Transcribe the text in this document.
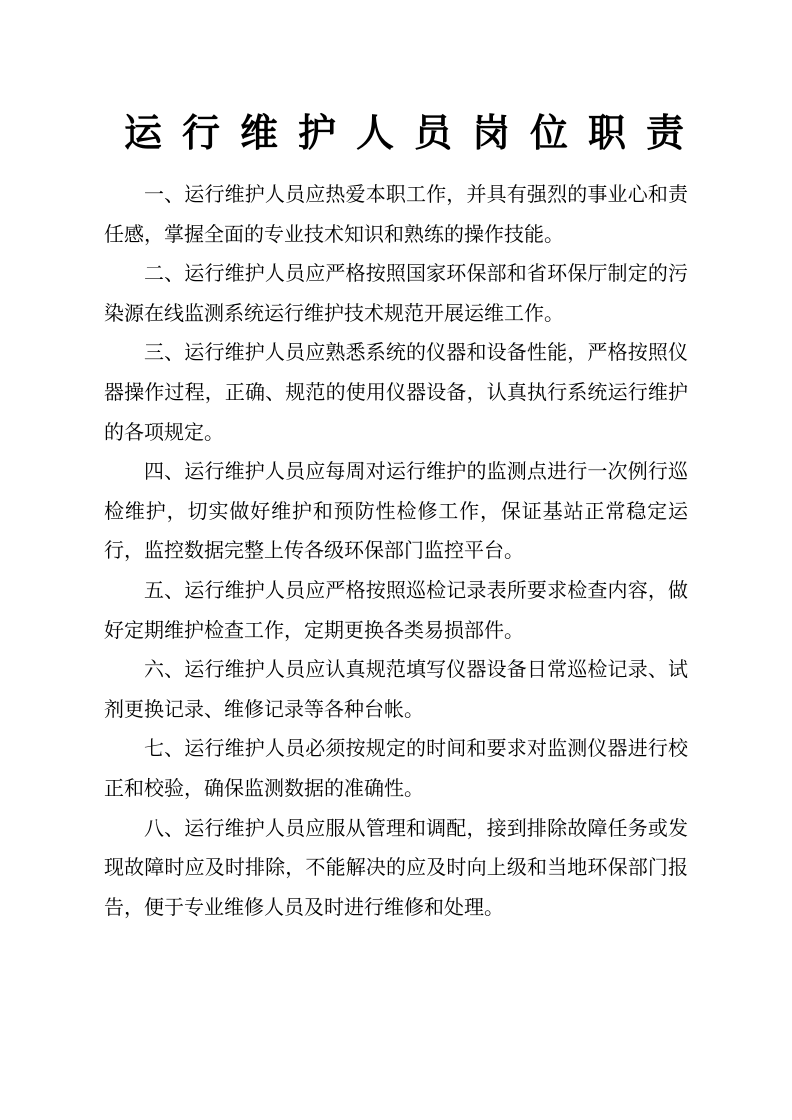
运行维护人员岗位职责

一、运行维护人员应热爱本职工作，并具有强烈的事业心和责任感，掌握全面的专业技术知识和熟练的操作技能。

二、运行维护人员应严格按照国家环保部和省环保厅制定的污染源在线监测系统运行维护技术规范开展运维工作。

三、运行维护人员应熟悉系统的仪器和设备性能，严格按照仪器操作过程，正确、规范的使用仪器设备，认真执行系统运行维护的各项规定。

四、运行维护人员应每周对运行维护的监测点进行一次例行巡检维护，切实做好维护和预防性检修工作，保证基站正常稳定运行，监控数据完整上传各级环保部门监控平台。

五、运行维护人员应严格按照巡检记录表所要求检查内容，做好定期维护检查工作，定期更换各类易损部件。

六、运行维护人员应认真规范填写仪器设备日常巡检记录、试剂更换记录、维修记录等各种台帐。

七、运行维护人员必须按规定的时间和要求对监测仪器进行校正和校验，确保监测数据的准确性。

八、运行维护人员应服从管理和调配，接到排除故障任务或发现故障时应及时排除，不能解决的应及时向上级和当地环保部门报告，便于专业维修人员及时进行维修和处理。
